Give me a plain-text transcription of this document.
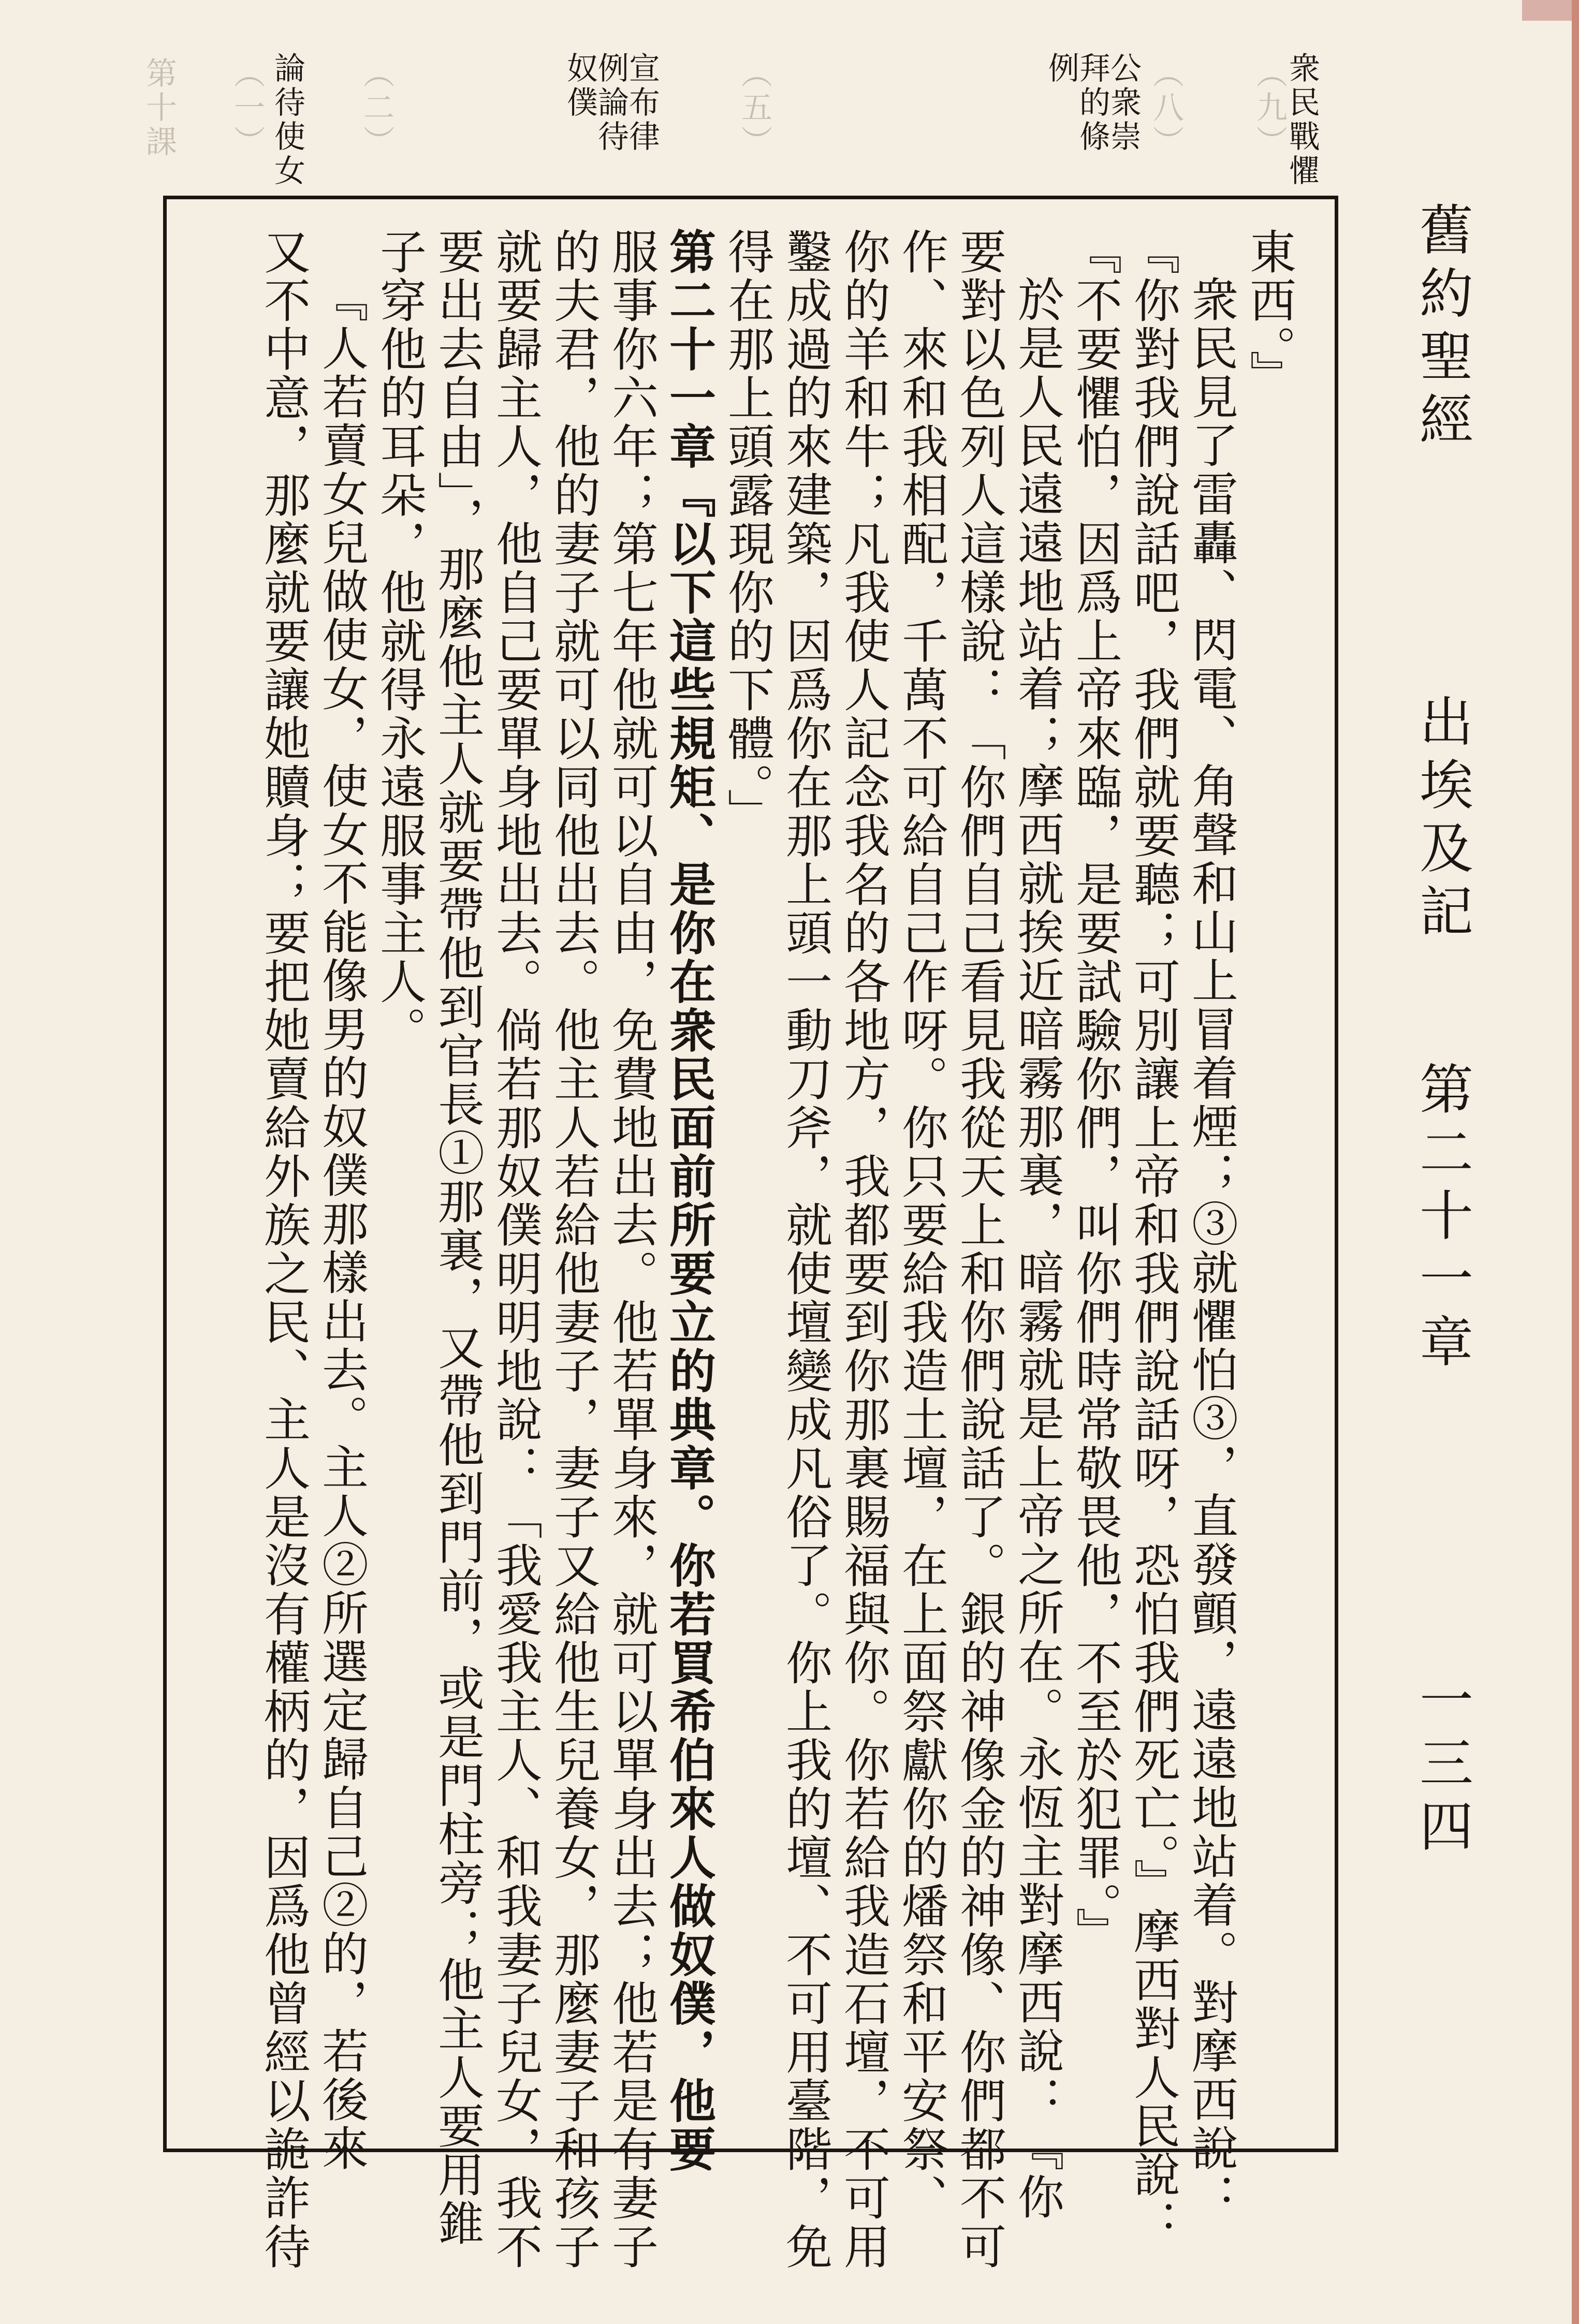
舊約聖經
出埃及記
第二十一章
一三四
（九）
（八）
（五）
（二）
（一）
第十課	衆民戰懼
公衆崇拜的條例
宣布律例論待奴僕
論待使女
東西。』
衆民見了雷轟、閃電、角聲和山上冒着煙；③就懼怕③，直發顫，遠遠地站着。對摩西說：
『你對我們說話吧，我們就要聽；可別讓上帝和我們說話呀，恐怕我們死亡。』摩西對人民說：
『不要懼怕，因爲上帝來臨，是要試驗你們，叫你們時常敬畏他，不至於犯罪。』
於是人民遠遠地站着；摩西就挨近暗霧那裏，暗霧就是上帝之所在。永恆主對摩西說：『你
要對以色列人這樣說：「你們自己看見我從天上和你們說話了。銀的神像金的神像、你們都不可
作、來和我相配，千萬不可給自己作呀。你只要給我造土壇，在上面祭獻你的燔祭和平安祭、
你的羊和牛；凡我使人記念我名的各地方，我都要到你那裏賜福與你。你若給我造石壇，不可用
鑿成過的來建築，因爲你在那上頭一動刀斧，就使壇變成凡俗了。你上我的壇、不可用臺階，免
得在那上頭露現你的下體。」
第二十一章『以下這些規矩、是你在衆民面前所要立的典章。你若買希伯來人做奴僕，他要
服事你六年；第七年他就可以自由，免費地出去。他若單身來，就可以單身出去；他若是有妻子
的夫君，他的妻子就可以同他出去。他主人若給他妻子，妻子又給他生兒養女，那麼妻子和孩子
就要歸主人，他自己要單身地出去。倘若那奴僕明明地說：「我愛我主人、和我妻子兒女，我不
要出去自由」，那麼他主人就要帶他到官長①那裏，又帶他到門前，或是門柱旁；他主人要用錐
子穿他的耳朵，他就得永遠服事主人。
『人若賣女兒做使女，使女不能像男的奴僕那樣出去。主人②所選定歸自己②的，若後來
又不中意，那麼就要讓她贖身；要把她賣給外族之民、主人是沒有權柄的，因爲他曾經以詭詐待
